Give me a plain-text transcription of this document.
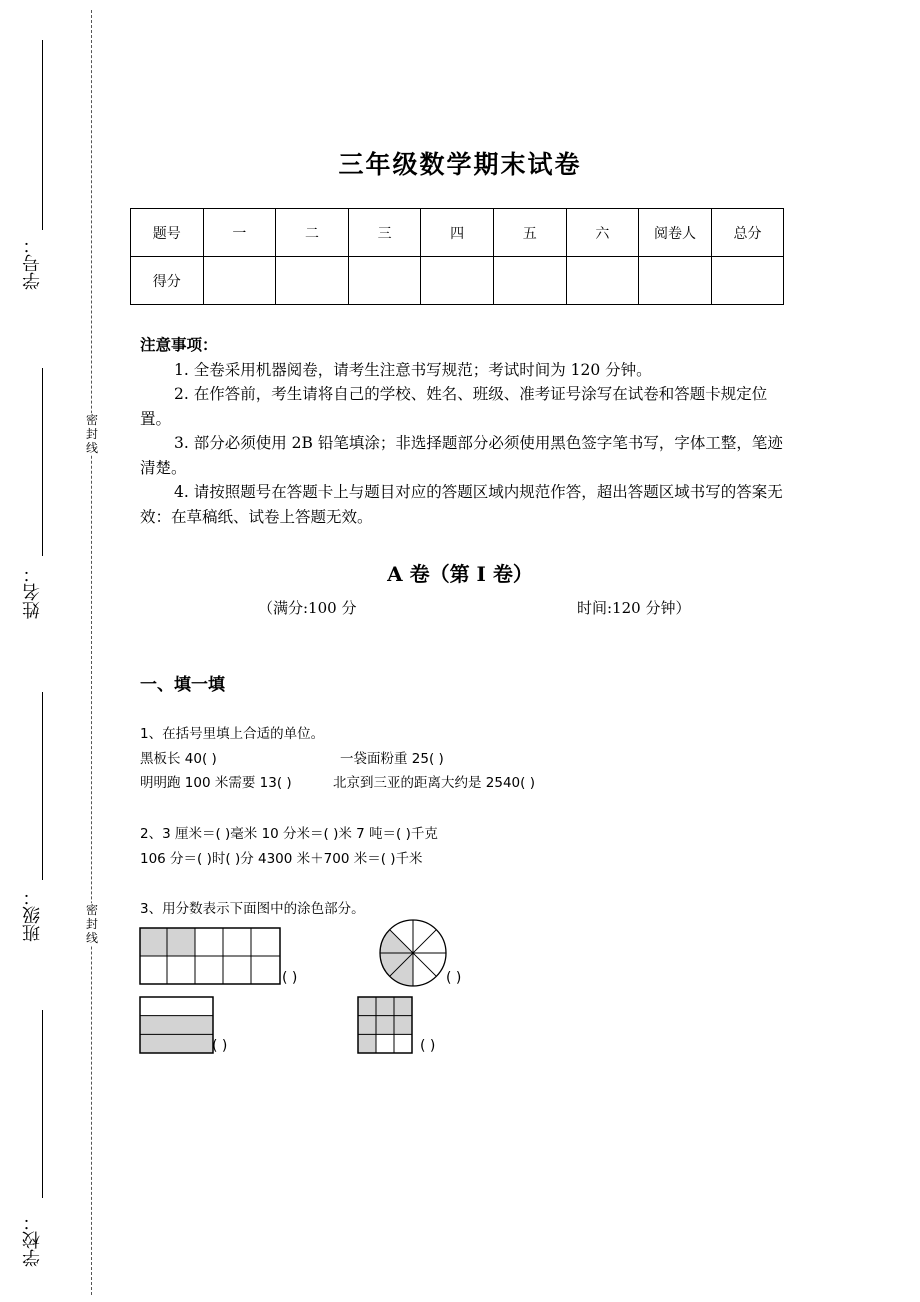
学号：
姓名：
班级：
学校：
密
封
线
密
封
线
三年级数学期末试卷
题号	一	二	三	四	五	六	阅卷人	总分
得分								
注意事项：

1. 全卷采用机器阅卷，请考生注意书写规范；考试时间为 120 分钟。

2. 在作答前，考生请将自己的学校、姓名、班级、准考证号涂写在试卷和答题卡规定位置。

3. 部分必须使用 2B 铅笔填涂；非选择题部分必须使用黑色签字笔书写，字体工整，笔迹清楚。

4. 请按照题号在答题卡上与题目对应的答题区域内规范作答，超出答题区域书写的答案无效：在草稿纸、试卷上答题无效。

A 卷（第 I 卷）
（满分:100 分	时间:120 分钟）
一、填一填
1、在括号里填上合适的单位。
黑板长 40( )	一袋面粉重 25( )
明明跑 100 米需要 13( )	北京到三亚的距离大约是 2540( )
2、3 厘米＝( )毫米 10 分米＝( )米 7 吨＝( )千克
106 分＝( )时( )分 4300 米＋700 米＝( )千米
3、用分数表示下面图中的涂色部分。
( )	( )
( )	( )
